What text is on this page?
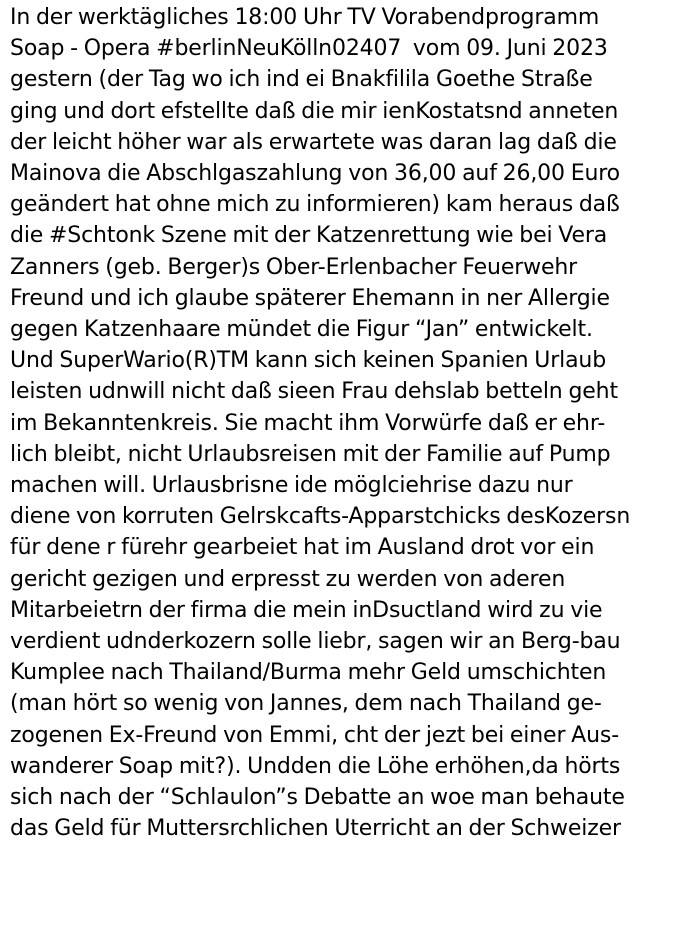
In der werktägliches 18:00 Uhr TV Vorabendprogramm
Soap - Opera #berlinNeuKölln02407  vom 09. Juni 2023
gestern (der Tag wo ich ind ei Bnakfilila Goethe Straße
ging und dort efstellte daß die mir ienKostatsnd anneten
der leicht höher war als erwartete was daran lag daß die
Mainova die Abschlgaszahlung von 36,00 auf 26,00 Euro
geändert hat ohne mich zu informieren) kam heraus daß
die #Schtonk Szene mit der Katzenrettung wie bei Vera
Zanners (geb. Berger)s Ober-Erlenbacher Feuerwehr
Freund und ich glaube späterer Ehemann in ner Allergie
gegen Katzenhaare mündet die Figur “Jan” entwickelt.
Und SuperWario(R)TM kann sich keinen Spanien Urlaub
leisten udnwill nicht daß sieen Frau dehslab betteln geht
im Bekanntenkreis. Sie macht ihm Vorwürfe daß er ehr-
lich bleibt, nicht Urlaubsreisen mit der Familie auf Pump
machen will. Urlausbrisne ide möglciehrise dazu nur
diene von korruten Gelrskcafts-Apparstchicks desKozersn
für dene r fürehr gearbeiet hat im Ausland drot vor ein
gericht gezigen und erpresst zu werden von aderen
Mitarbeietrn der firma die mein inDsuctland wird zu vie
verdient udnderkozern solle liebr, sagen wir an Berg-bau
Kumplee nach Thailand/Burma mehr Geld umschichten
(man hört so wenig von Jannes, dem nach Thailand ge-
zogenen Ex-Freund von Emmi, cht der jezt bei einer Aus-
wanderer Soap mit?). Undden die Löhe erhöhen,da hörts
sich nach der “Schlaulon”s Debatte an woe man behaute
das Geld für Muttersrchlichen Uterricht an der Schweizer
